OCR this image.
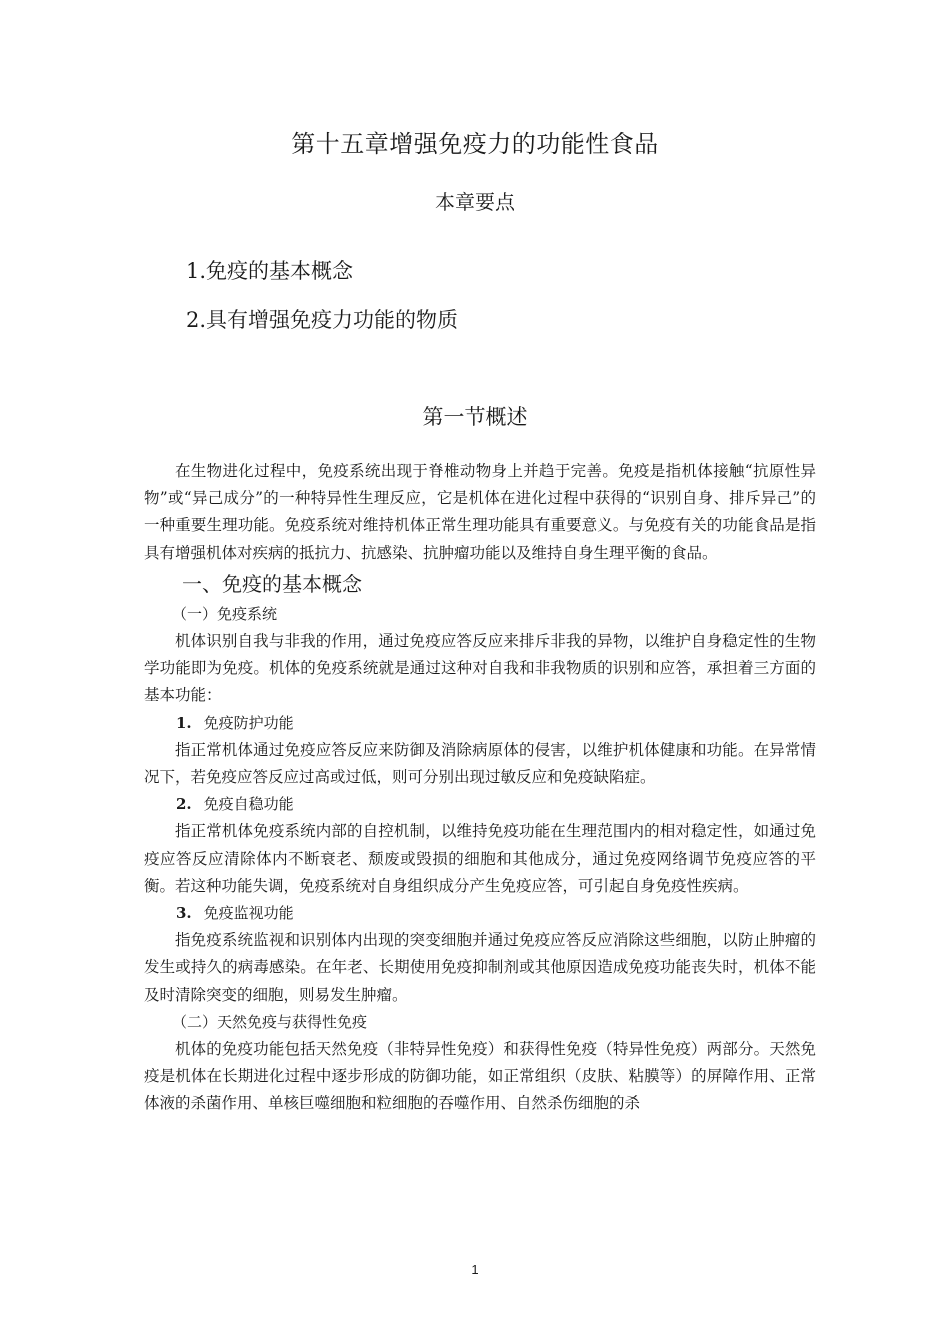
第十五章增强免疫力的功能性食品
本章要点
1.免疫的基本概念
2.具有增强免疫力功能的物质
第一节概述

在生物进化过程中，免疫系统出现于脊椎动物身上并趋于完善。免疫是指机体接触“抗原性异物”或“异己成分”的一种特异性生理反应，它是机体在进化过程中获得的“识别自身、排斥异己”的一种重要生理功能。免疫系统对维持机体正常生理功能具有重要意义。与免疫有关的功能食品是指具有增强机体对疾病的抵抗力、抗感染、抗肿瘤功能以及维持自身生理平衡的食品。

一、免疫的基本概念

（一）免疫系统

机体识别自我与非我的作用，通过免疫应答反应来排斥非我的异物，以维护自身稳定性的生物学功能即为免疫。机体的免疫系统就是通过这种对自我和非我物质的识别和应答，承担着三方面的基本功能：

1. 免疫防护功能

指正常机体通过免疫应答反应来防御及消除病原体的侵害，以维护机体健康和功能。在异常情况下，若免疫应答反应过高或过低，则可分别出现过敏反应和免疫缺陷症。

2. 免疫自稳功能

指正常机体免疫系统内部的自控机制，以维持免疫功能在生理范围内的相对稳定性，如通过免疫应答反应清除体内不断衰老、颓废或毁损的细胞和其他成分，通过免疫网络调节免疫应答的平衡。若这种功能失调，免疫系统对自身组织成分产生免疫应答，可引起自身免疫性疾病。

3. 免疫监视功能

指免疫系统监视和识别体内出现的突变细胞并通过免疫应答反应消除这些细胞，以防止肿瘤的发生或持久的病毒感染。在年老、长期使用免疫抑制剂或其他原因造成免疫功能丧失时，机体不能及时清除突变的细胞，则易发生肿瘤。

（二）天然免疫与获得性免疫

机体的免疫功能包括天然免疫（非特异性免疫）和获得性免疫（特异性免疫）两部分。天然免疫是机体在长期进化过程中逐步形成的防御功能，如正常组织（皮肤、粘膜等）的屏障作用、正常体液的杀菌作用、单核巨噬细胞和粒细胞的吞噬作用、自然杀伤细胞的杀

1
